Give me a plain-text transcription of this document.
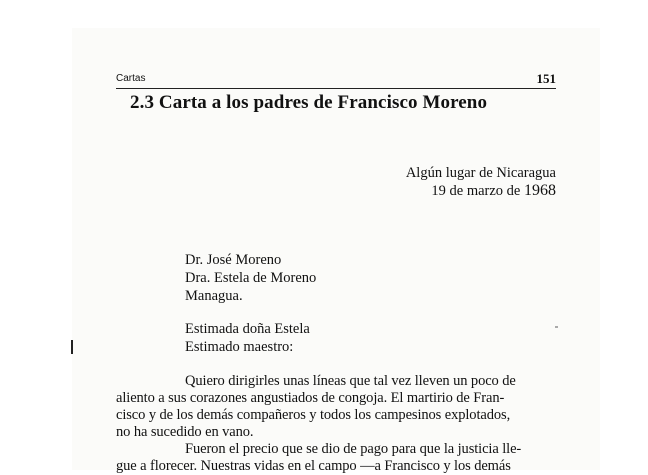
Cartas	151
2.3 Carta a los padres de Francisco Moreno
Algún lugar de Nicaragua
19 de marzo de 1968
Dr. José Moreno
Dra. Estela de Moreno
Managua.
Estimada doña Estela
Estimado maestro:
Quiero dirigirles unas líneas que tal vez lleven un poco de
aliento a sus corazones angustiados de congoja. El martirio de Fran-
cisco y de los demás compañeros y todos los campesinos explotados,
no ha sucedido en vano.
Fueron el precio que se dio de pago para que la justicia lle-
gue a florecer. Nuestras vidas en el campo —a Francisco y los demás
